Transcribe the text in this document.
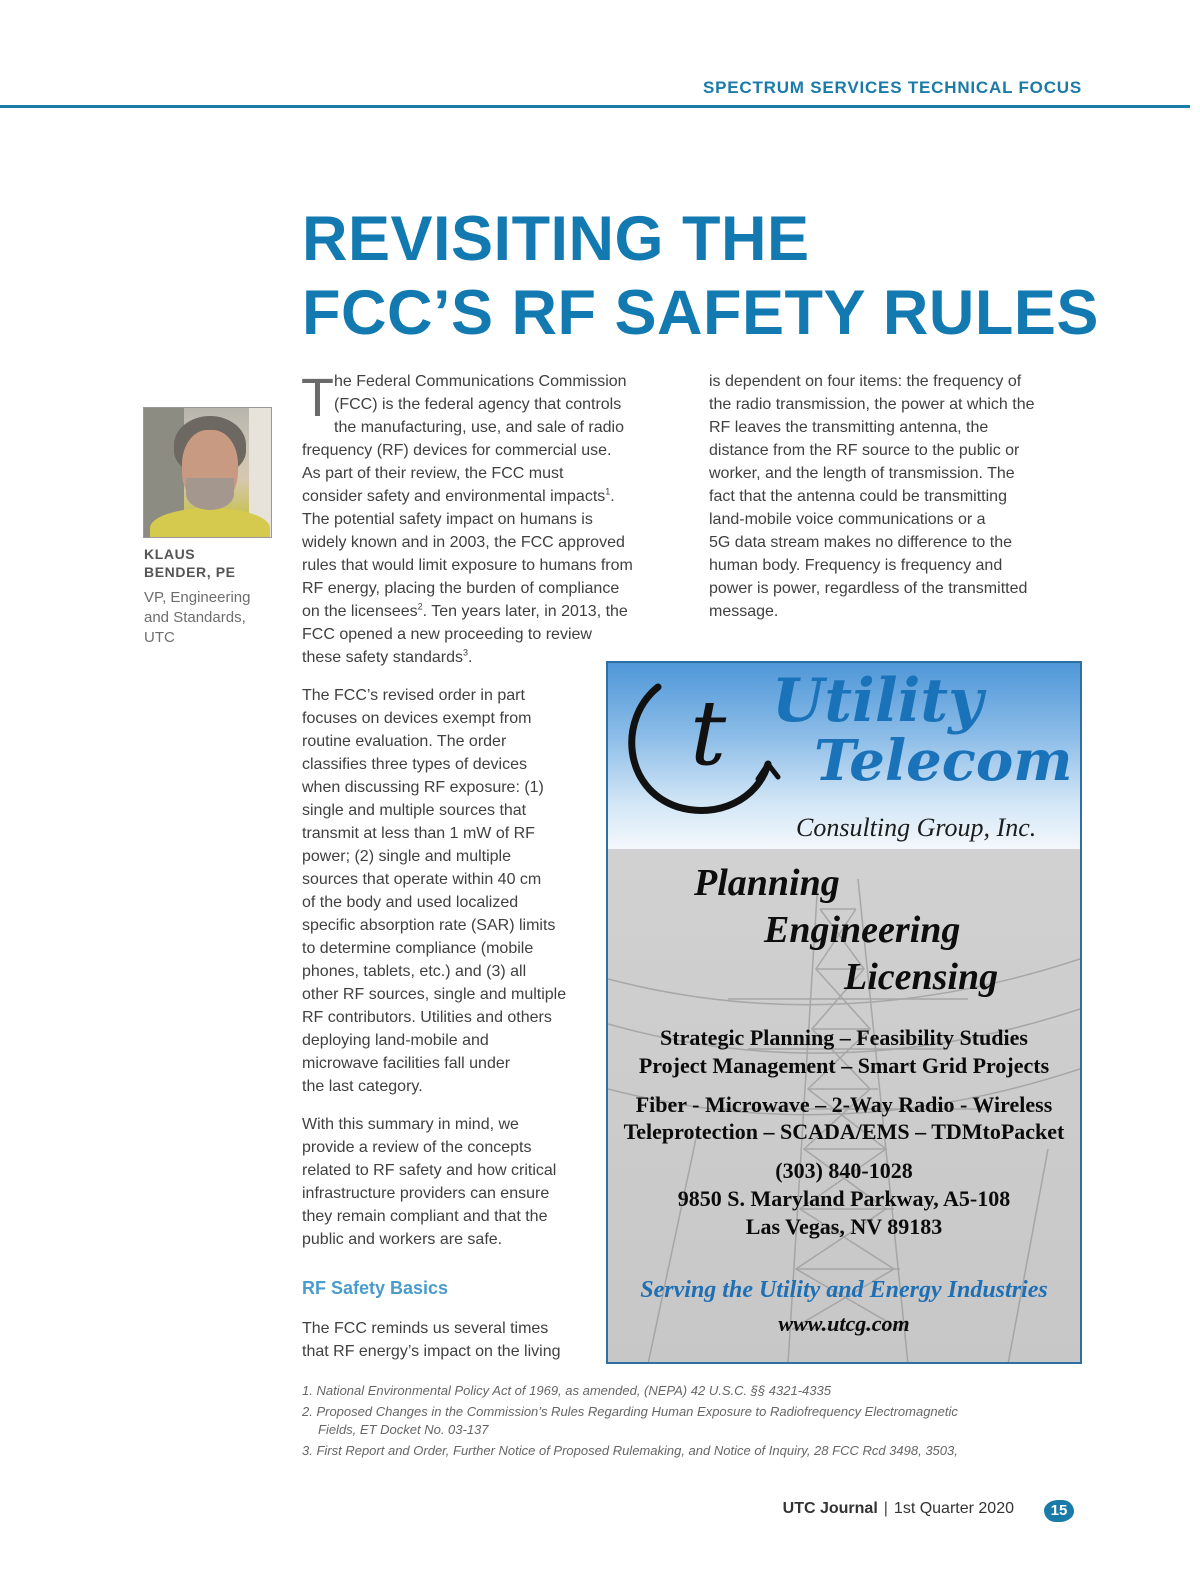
SPECTRUM SERVICES TECHNICAL FOCUS
REVISITING THE
FCC’S RF SAFETY RULES
KLAUS
BENDER, PE
VP, Engineering
and Standards,
UTC
T he Federal Communications Commission
(FCC) is the federal agency that controls
the manufacturing, use, and sale of radio
frequency (RF) devices for commercial use.
As part of their review, the FCC must
consider safety and environmental impacts$^1$.
The potential safety impact on humans is
widely known and in 2003, the FCC approved
rules that would limit exposure to humans from
RF energy, placing the burden of compliance
on the licensees$^2$. Ten years later, in 2013, the
FCC opened a new proceeding to review
these safety standards$^3$.
The FCC’s revised order in part
focuses on devices exempt from
routine evaluation. The order
classifies three types of devices
when discussing RF exposure: (1)
single and multiple sources that
transmit at less than 1 mW of RF
power; (2) single and multiple
sources that operate within 40 cm
of the body and used localized
specific absorption rate (SAR) limits
to determine compliance (mobile
phones, tablets, etc.) and (3) all
other RF sources, single and multiple
RF contributors. Utilities and others
deploying land-mobile and
microwave facilities fall under
the last category.
With this summary in mind, we
provide a review of the concepts
related to RF safety and how critical
infrastructure providers can ensure
they remain compliant and that the
public and workers are safe.
RF Safety Basics
The FCC reminds us several times
that RF energy’s impact on the living
is dependent on four items: the frequency of
the radio transmission, the power at which the
RF leaves the transmitting antenna, the
distance from the RF source to the public or
worker, and the length of transmission. The
fact that the antenna could be transmitting
land-mobile voice communications or a
5G data stream makes no difference to the
human body. Frequency is frequency and
power is power, regardless of the transmitted
message.
t Utility
Telecom
Consulting Group, Inc.
Planning
Engineering
Licensing
Strategic Planning – Feasibility Studies
Project Management – Smart Grid Projects
Fiber - Microwave – 2-Way Radio - Wireless
Teleprotection – SCADA/EMS – TDMtoPacket
(303) 840-1028
9850 S. Maryland Parkway, A5-108
Las Vegas, NV 89183
Serving the Utility and Energy Industries
www.utcg.com
1. National Environmental Policy Act of 1969, as amended, (NEPA) 42 U.S.C. §§ 4321-4335
2. Proposed Changes in the Commission’s Rules Regarding Human Exposure to Radiofrequency Electromagnetic
Fields, ET Docket No. 03-137
3. First Report and Order, Further Notice of Proposed Rulemaking, and Notice of Inquiry, 28 FCC Rcd 3498, 3503,
UTC Journal | 1st Quarter 2020	15
